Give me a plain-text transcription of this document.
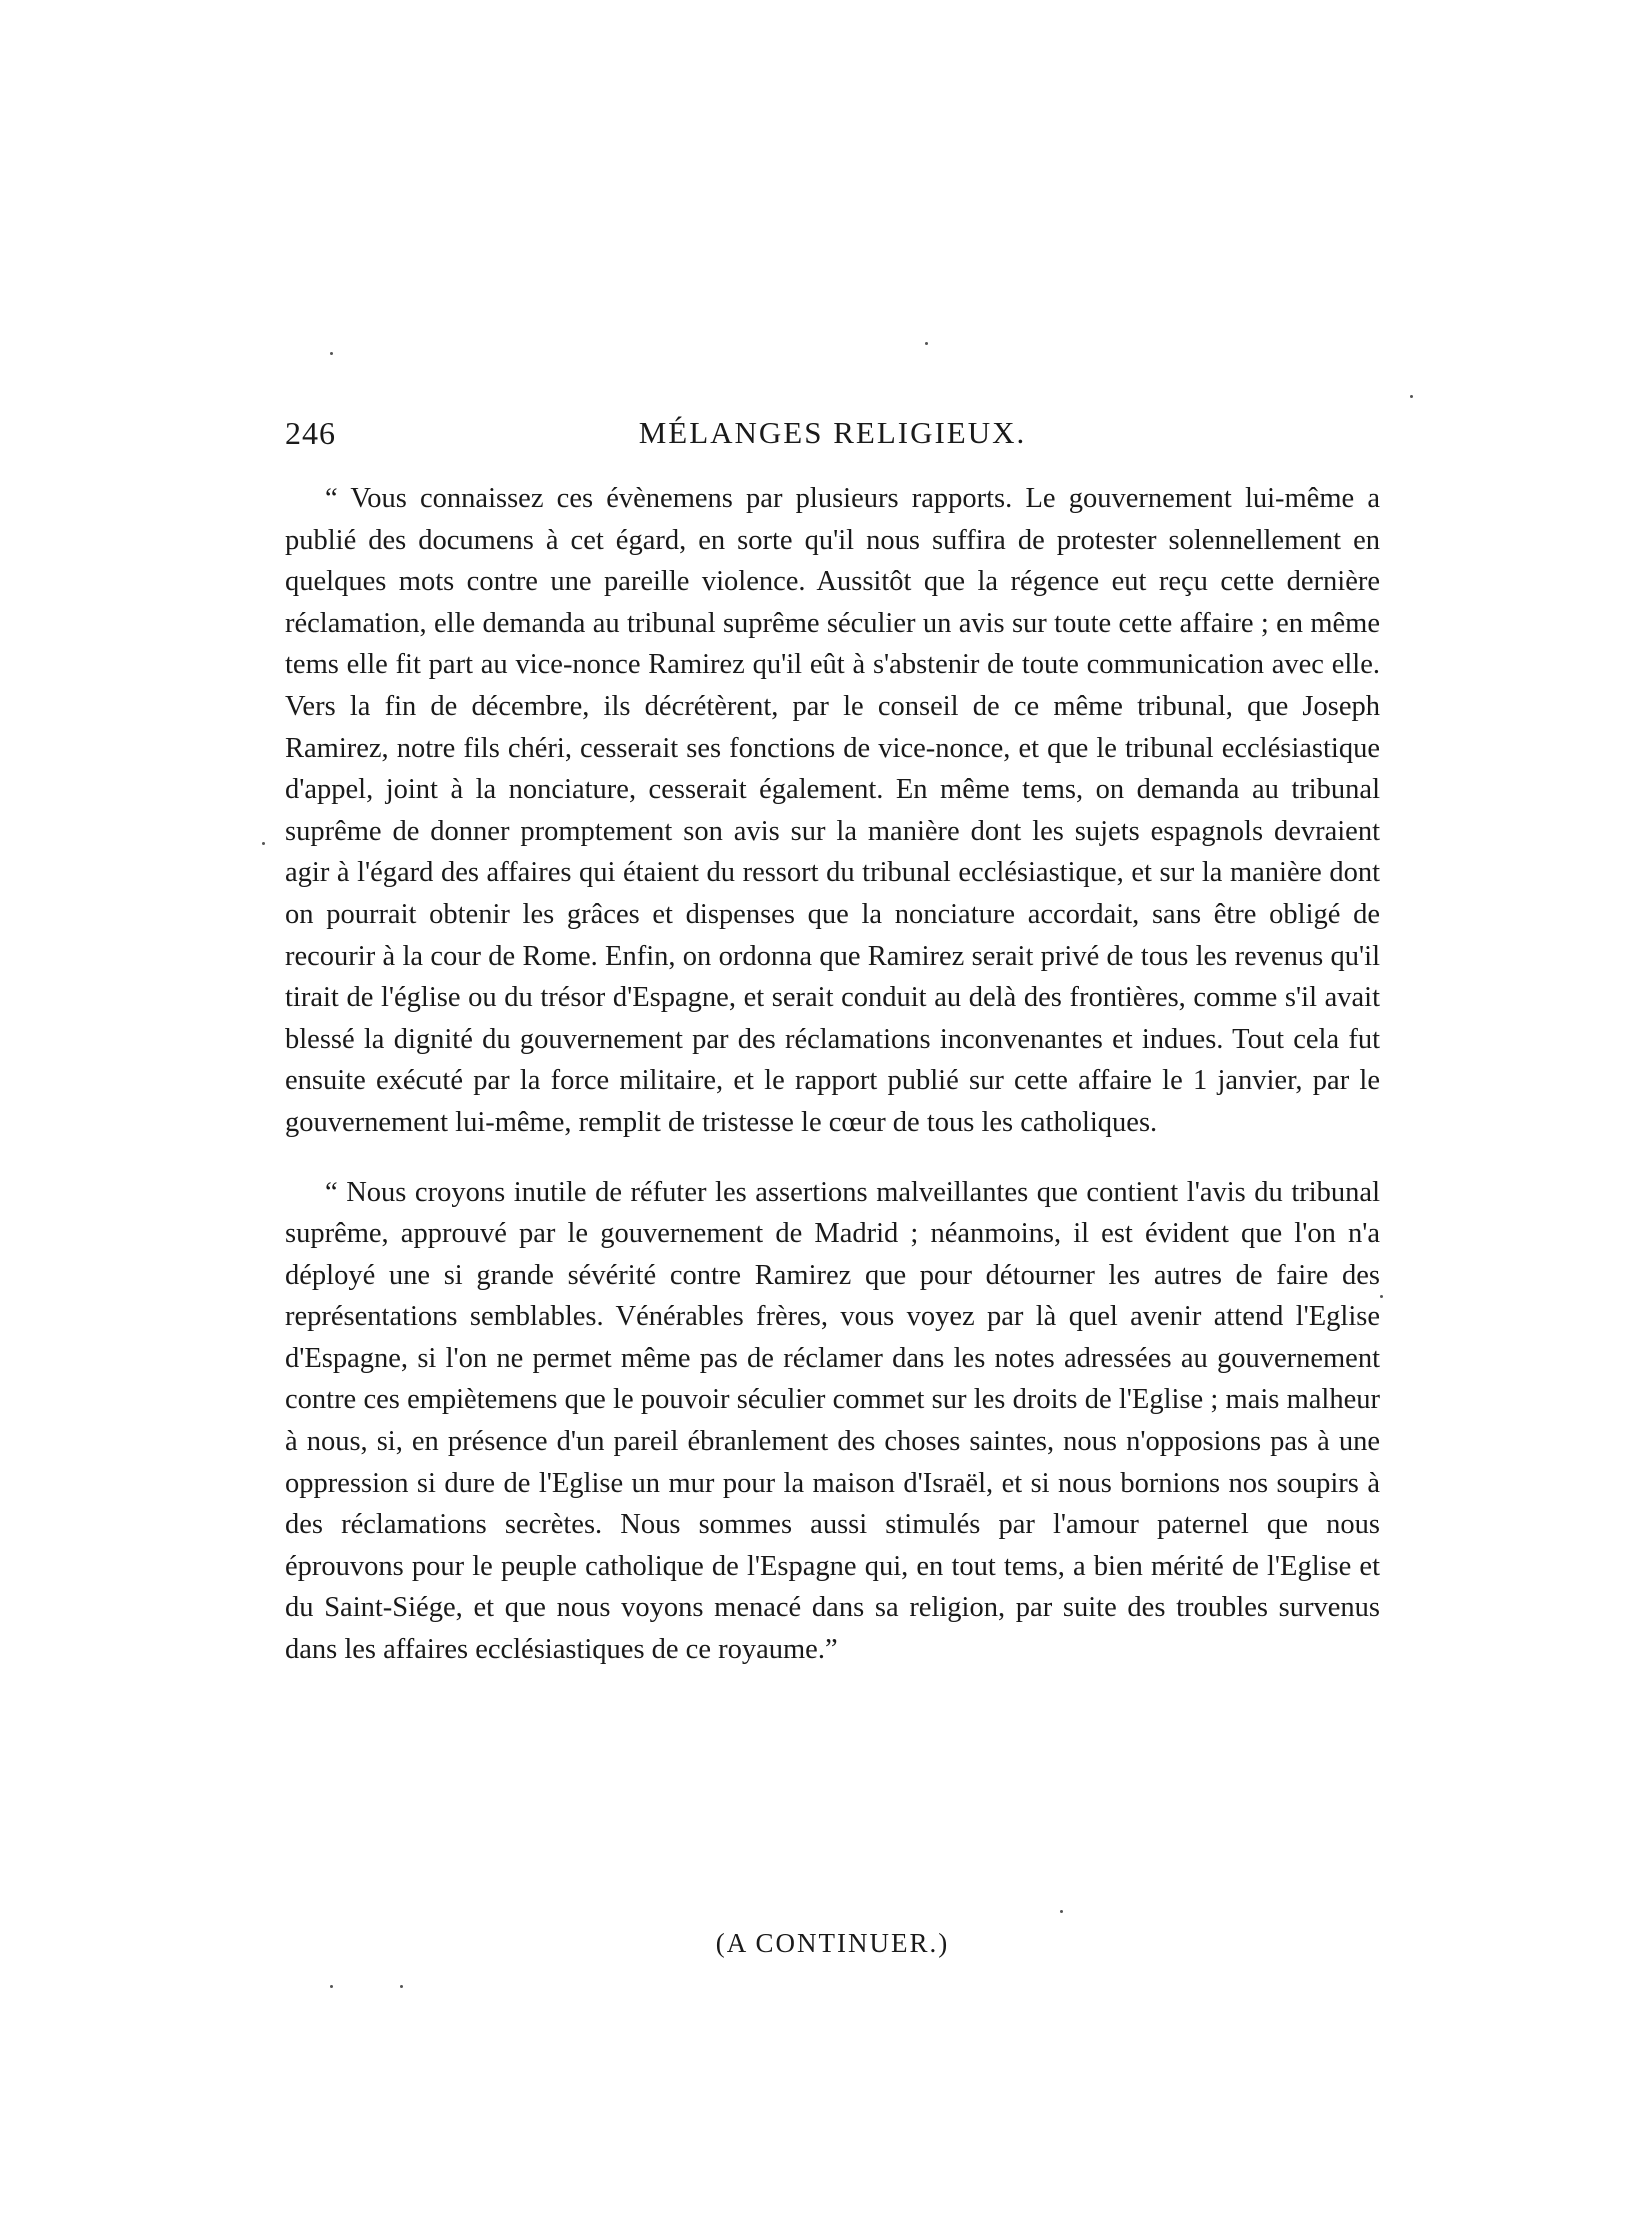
246	MÉLANGES RELIGIEUX.

“ Vous connaissez ces évènemens par plusieurs rapports. Le gouvernement lui-même a publié des documens à cet égard, en sorte qu'il nous suffira de protester solennellement en quelques mots contre une pareille violence. Aussitôt que la régence eut reçu cette dernière réclamation, elle demanda au tribunal suprême séculier un avis sur toute cette affaire ; en même tems elle fit part au vice-nonce Ramirez qu'il eût à s'abstenir de toute communication avec elle. Vers la fin de décembre, ils décrétèrent, par le conseil de ce même tribunal, que Joseph Ramirez, notre fils chéri, cesserait ses fonctions de vice-nonce, et que le tribunal ecclésiastique d'appel, joint à la nonciature, cesserait également. En même tems, on demanda au tribunal suprême de donner promptement son avis sur la manière dont les sujets espagnols devraient agir à l'égard des affaires qui étaient du ressort du tribunal ecclésiastique, et sur la manière dont on pourrait obtenir les grâces et dispenses que la nonciature accordait, sans être obligé de recourir à la cour de Rome. Enfin, on ordonna que Ramirez serait privé de tous les revenus qu'il tirait de l'église ou du trésor d'Espagne, et serait conduit au delà des frontières, comme s'il avait blessé la dignité du gouvernement par des réclamations inconvenantes et indues. Tout cela fut ensuite exécuté par la force militaire, et le rapport publié sur cette affaire le 1 janvier, par le gouvernement lui-même, remplit de tristesse le cœur de tous les catholiques.

“ Nous croyons inutile de réfuter les assertions malveillantes que contient l'avis du tribunal suprême, approuvé par le gouvernement de Madrid ; néanmoins, il est évident que l'on n'a déployé une si grande sévérité contre Ramirez que pour détourner les autres de faire des représentations semblables. Vénérables frères, vous voyez par là quel avenir attend l'Eglise d'Espagne, si l'on ne permet même pas de réclamer dans les notes adressées au gouvernement contre ces empiètemens que le pouvoir séculier commet sur les droits de l'Eglise ; mais malheur à nous, si, en présence d'un pareil ébranlement des choses saintes, nous n'opposions pas à une oppression si dure de l'Eglise un mur pour la maison d'Israël, et si nous bornions nos soupirs à des réclamations secrètes. Nous sommes aussi stimulés par l'amour paternel que nous éprouvons pour le peuple catholique de l'Espagne qui, en tout tems, a bien mérité de l'Eglise et du Saint-Siége, et que nous voyons menacé dans sa religion, par suite des troubles survenus dans les affaires ecclésiastiques de ce royaume.”

(A CONTINUER.)
